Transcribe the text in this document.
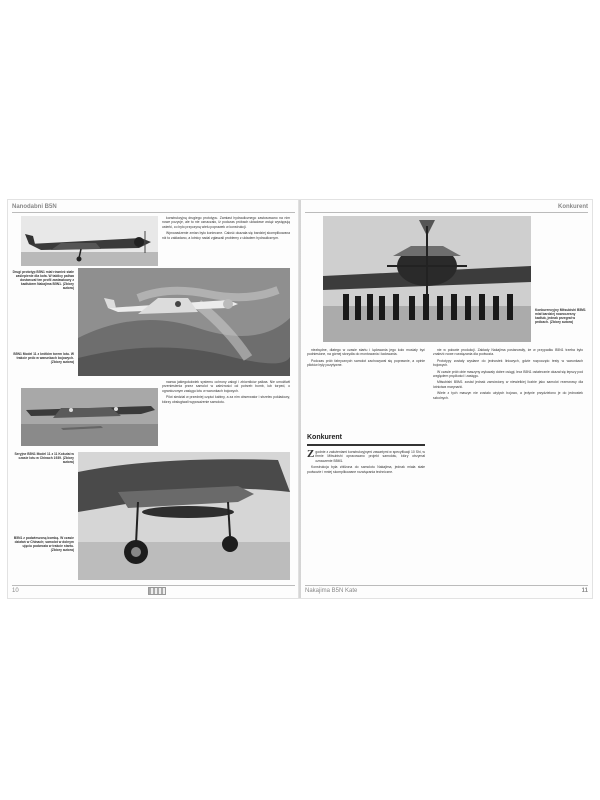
Nanodabni B5N
Drugi prototyp B5N1 miał również stałe zaślepienie dla koła. W tablicy paliwa dostarczał ten profil zastawkowy z kadłubem Nakajima B5N1. (Zbiory autora)
B5N1 Model 11 z krótkim torem lotu. W trakcie prób w warunkach bojowych. (Zbiory autora)
Seryjne B5N1 Model 11 z 11 Kokutai w czasie lotu w Chinach 1939. (Zbiory autora)
B5N1 z podwieszoną bombą. W czasie działań w Chinach; samolot w dolnym ujęciu podwozia w trakcie startu. (Zbiory autora)

konstrukcyjną drugiego prototypu. Zamiast hydraulicznego zastosowano na nim nowe pozycje, ale to nie oznaczało, iż podczas próbach układowe wciąż występują usterki, co było przyczyną wielu poprawek w konstrukcji.

Wprowadzenie zmian było konieczne. Całość okazała się bardziej skomplikowana niż to zakładano, a lotnicy nadal zgłaszali problemy z układem hydraulicznym.

nazwa jakiegokolwiek systemu ochrony załogi i zbiorników paliwa. Nie umożliwił przeniesienia przez samolot w zależności od potrzeb bomb, lub torped, o ograniczonym zasięgu lotu w warunkach bojowych.

Pilot siedział w przedniej części kabiny, a za nim obserwator i strzelec pokładowy, którzy obsługiwali wyposażenie samolotu.

10
Konkurent
Konkurencyjny Mitsubishi B5M1 miał bardziej nowoczesny kadłub, jednak przegrał w próbach. (Zbiory autora)

niezbędne, dlatego w czasie startu i lądowania jego koło musiały być podniesione, na górnej skrzydła do montowania i ładowania.

Podczas prób fabrycznych samolot zachowywał się poprawnie, a opinie pilotów były pozytywne.

Konkurent

Zgodnie z założeniami konstrukcyjnymi zawartymi w specyfikacji 10 Shi, w firmie Mitsubishi opracowano projekt samolotu, który otrzymał oznaczenie B5M1.

Konstrukcja była zbliżona do samolotu Nakajima, jednak miała stałe podwozie i mniej skomplikowane rozwiązania techniczne.

nie w połowie produkcji. Zakłady Nakajima postanowiły, że w przypadku B5N1 trzeba było znaleźć nowe rozwiązania dla podwozia.

Prototypy zostały wysłane do jednostek liniowych, gdzie rozpoczęto testy w warunkach bojowych.

W czasie prób obie maszyny wykazały dobre osiągi, lecz B5N1 ostatecznie okazał się lepszy pod względem prędkości i zasięgu.

Mitsubishi B5M1 został jednak zamówiony w niewielkiej liczbie jako samolot rezerwowy dla lotnictwa marynarki.

Wiele z tych maszyn nie zostało użytych bojowo, a jedynie przydzielono je do jednostek szkolnych.

Nakajima B5N Kate	11
